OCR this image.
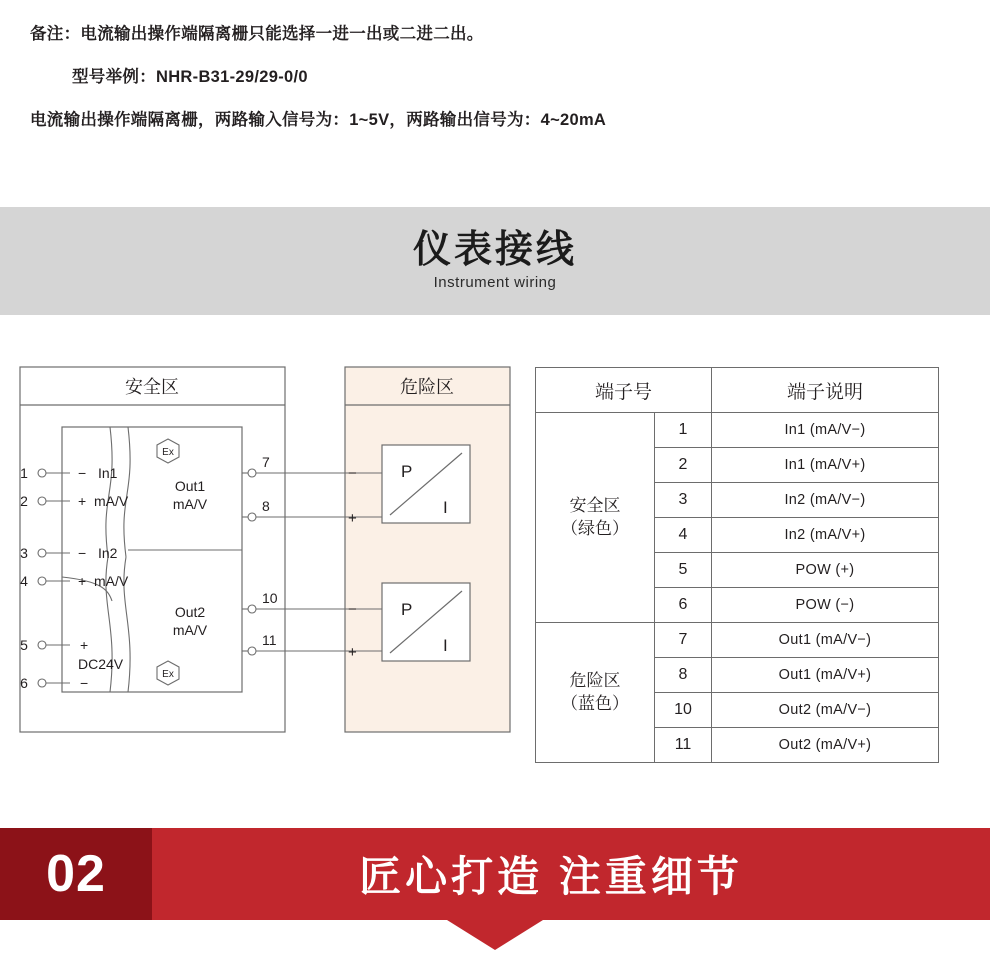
备注：电流输出操作端隔离栅只能选择一进一出或二进二出。

型号举例：NHR-B31-29/29-0/0

电流输出操作端隔离栅，两路输入信号为：1~5V，两路输出信号为：4~20mA

仪表接线
Instrument wiring
安全区	危险区
Ex
Ex
1
2
3
4
5
6
−
+
In1
mA/V
−
+
In2
mA/V
+
−
DC24V
Out1
mA/V
Out2
mA/V
7
8
10
11
−
+
−
+
P
I
P
I
端子号		端子说明
安全区
（绿色）	1	In1 (mA/V−)
	2	In1 (mA/V+)
	3	In2 (mA/V−)
	4	In2 (mA/V+)
	5	POW (+)
	6	POW (−)
危险区
（蓝色）	7	Out1 (mA/V−)
	8	Out1 (mA/V+)
	10	Out2 (mA/V−)
	11	Out2 (mA/V+)
02	匠心打造 注重细节
